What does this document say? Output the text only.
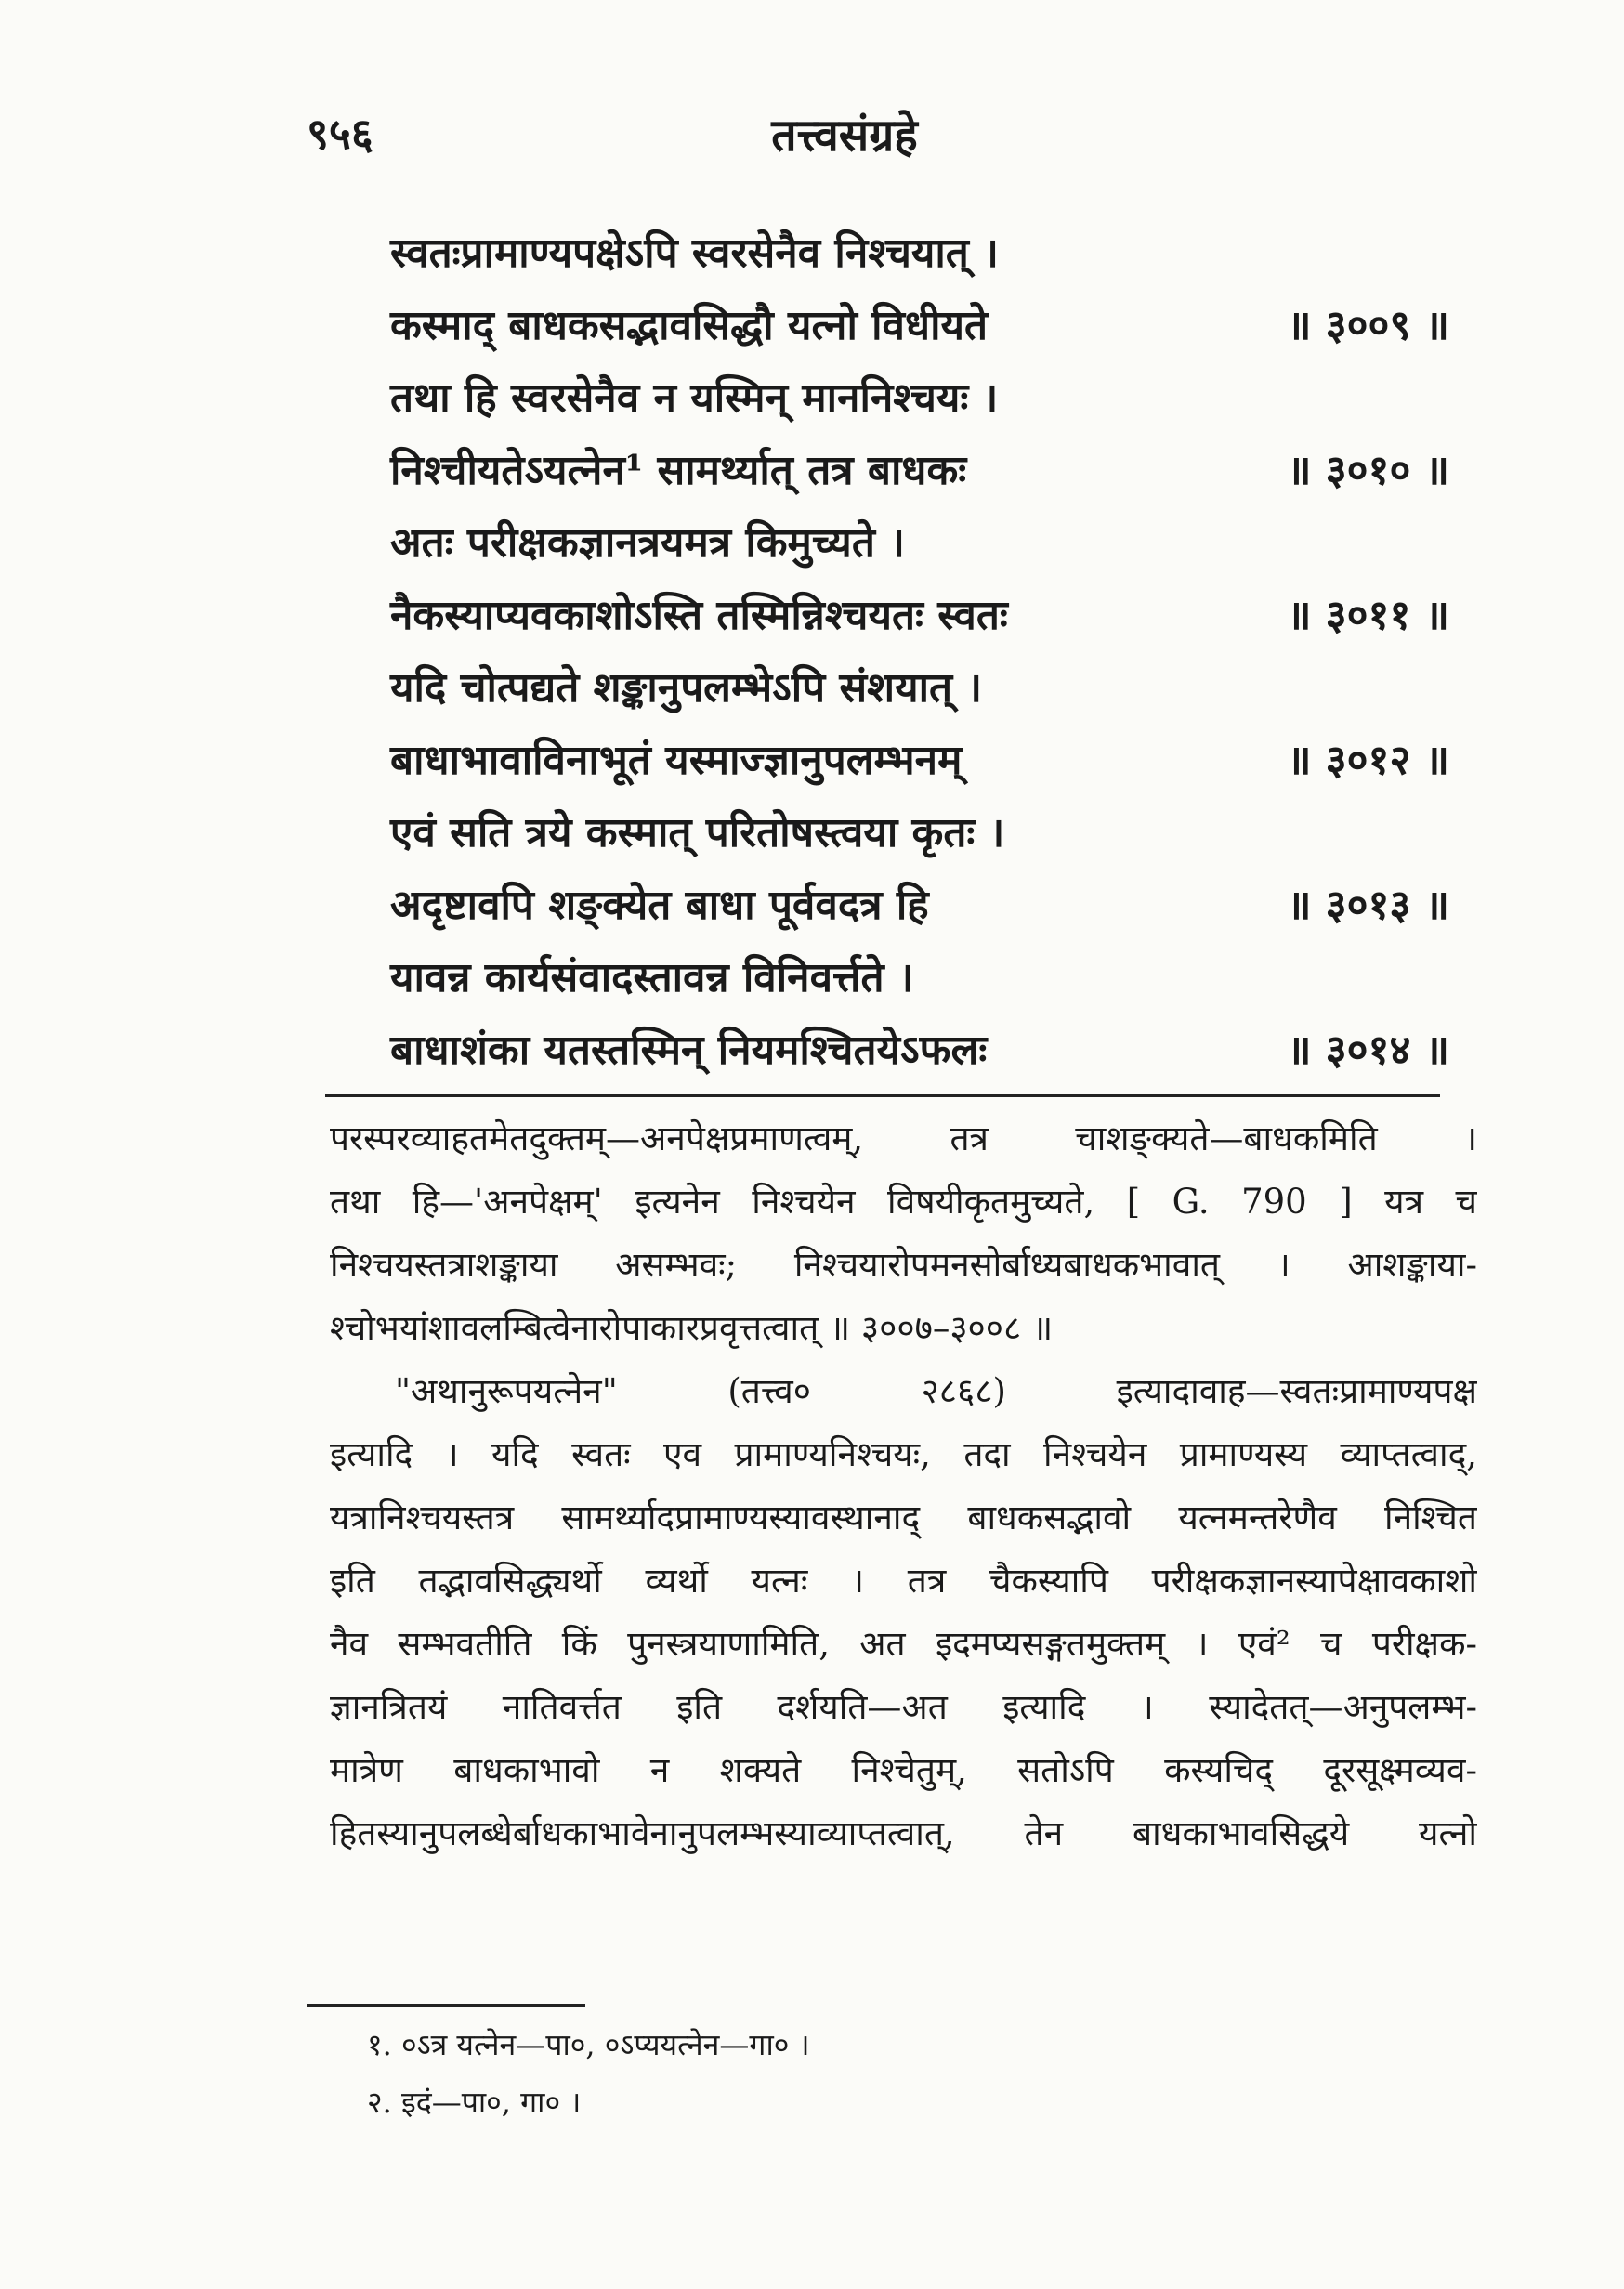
९५६	तत्त्वसंग्रहे
स्वतःप्रामाण्यपक्षेऽपि स्वरसेनैव निश्चयात् ।
कस्माद् बाधकसद्भावसिद्धौ यत्नो विधीयते	॥ ३००९ ॥
तथा हि स्वरसेनैव न यस्मिन् माननिश्चयः ।
निश्चीयतेऽयत्नेन¹ सामर्थ्यात् तत्र बाधकः	॥ ३०१० ॥
अतः परीक्षकज्ञानत्रयमत्र किमुच्यते ।
नैकस्याप्यवकाशोऽस्ति तस्मिन्निश्चयतः स्वतः	॥ ३०११ ॥
यदि चोत्पद्यते शङ्कानुपलम्भेऽपि संशयात् ।
बाधाभावाविनाभूतं यस्माज्ज्ञानुपलम्भनम्	॥ ३०१२ ॥
एवं सति त्रये कस्मात् परितोषस्त्वया कृतः ।
अदृष्टावपि शङ्क्येत बाधा पूर्ववदत्र हि	॥ ३०१३ ॥
यावन्न कार्यसंवादस्तावन्न विनिवर्त्तते ।
बाधाशंका यतस्तस्मिन् नियमश्चितयेऽफलः	॥ ३०१४ ॥
परस्परव्याहतमेतदुक्तम्—अनपेक्षप्रमाणत्वम्, तत्र चाशङ्क्यते—बाधकमिति ।
तथा हि—'अनपेक्षम्' इत्यनेन निश्चयेन विषयीकृतमुच्यते, [ G. 790 ] यत्र च
निश्चयस्तत्राशङ्काया असम्भवः; निश्चयारोपमनसोर्बाध्यबाधकभावात् । आशङ्काया-
श्चोभयांशावलम्बित्वेनारोपाकारप्रवृत्तत्वात् ॥ ३००७–३००८ ॥
"अथानुरूपयत्नेन" (तत्त्व० २८६८) इत्यादावाह—स्वतःप्रामाण्यपक्ष
इत्यादि । यदि स्वतः एव प्रामाण्यनिश्चयः, तदा निश्चयेन प्रामाण्यस्य व्याप्तत्वाद्,
यत्रानिश्चयस्तत्र सामर्थ्यादप्रामाण्यस्यावस्थानाद् बाधकसद्भावो यत्नमन्तरेणैव निश्चित
इति तद्भावसिद्ध्यर्थो व्यर्थो यत्नः । तत्र चैकस्यापि परीक्षकज्ञानस्यापेक्षावकाशो
नैव सम्भवतीति किं पुनस्त्रयाणामिति, अत इदमप्यसङ्गतमुक्तम् । एवं² च परीक्षक-
ज्ञानत्रितयं नातिवर्त्तत इति दर्शयति—अत इत्यादि । स्यादेतत्—अनुपलम्भ-
मात्रेण बाधकाभावो न शक्यते निश्चेतुम्, सतोऽपि कस्यचिद् दूरसूक्ष्मव्यव-
हितस्यानुपलब्धेर्बाधकाभावेनानुपलम्भस्याव्याप्तत्वात्, तेन बाधकाभावसिद्धये यत्नो
१. ०ऽत्र यत्नेन—पा०, ०ऽप्ययत्नेन—गा० ।
२. इदं—पा०, गा० ।
